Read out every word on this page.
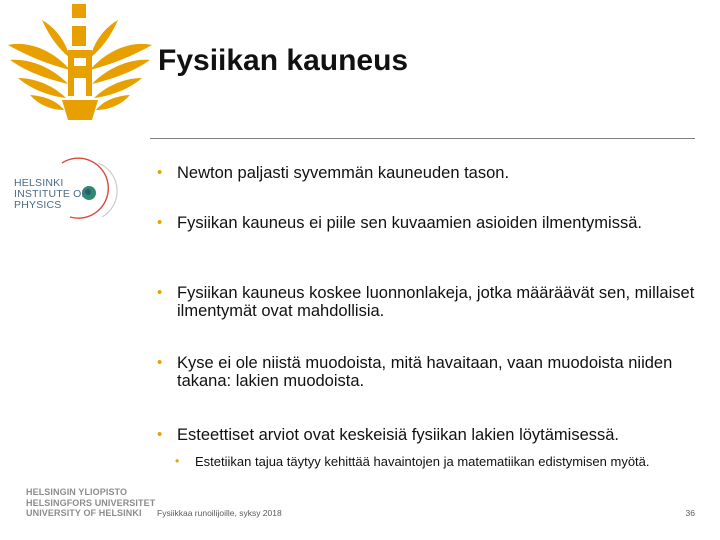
Fysiikan kauneus
HELSINKI
INSTITUTE OF
PHYSICS
• Newton paljasti syvemmän kauneuden tason.
• Fysiikan kauneus ei piile sen kuvaamien asioiden ilmentymissä.
• Fysiikan kauneus koskee luonnonlakeja, jotka määräävät sen, millaiset ilmentymät ovat mahdollisia.
• Kyse ei ole niistä muodoista, mitä havaitaan, vaan muodoista niiden takana: lakien muodoista.
• Esteettiset arviot ovat keskeisiä fysiikan lakien löytämisessä.
• Estetiikan tajua täytyy kehittää havaintojen ja matematiikan edistymisen myötä.
HELSINGIN YLIOPISTO
HELSINGFORS UNIVERSITET
UNIVERSITY OF HELSINKI	Fysiikkaa runoilijoille, syksy 2018	36
